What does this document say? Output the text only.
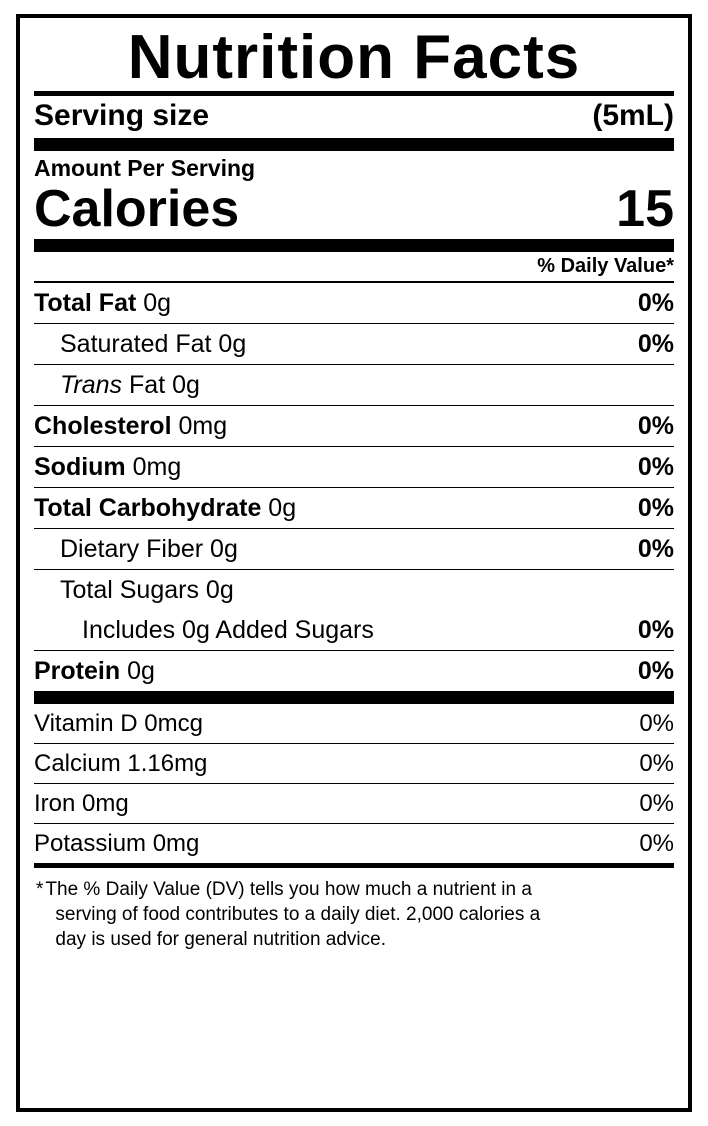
Nutrition Facts
Serving size	(5mL)
Amount Per Serving
Calories	15
% Daily Value*
Total Fat 0g	0%
Saturated Fat 0g	0%
Trans Fat 0g
Cholesterol 0mg	0%
Sodium 0mg	0%
Total Carbohydrate 0g	0%
Dietary Fiber 0g	0%
Total Sugars 0g
Includes 0g Added Sugars	0%
Protein 0g	0%
Vitamin D 0mcg	0%
Calcium 1.16mg	0%
Iron 0mg	0%
Potassium 0mg	0%
* The % Daily Value (DV) tells you how much a nutrient in a
serving of food contributes to a daily diet. 2,000 calories a
day is used for general nutrition advice.
